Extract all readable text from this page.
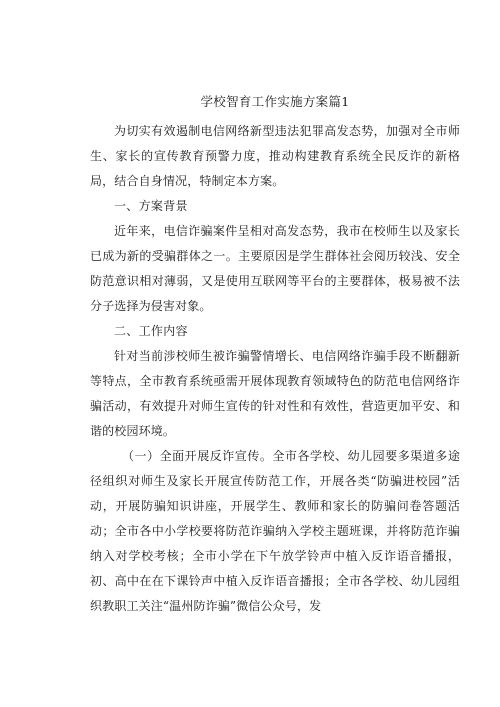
学校智育工作实施方案篇1

为切实有效遏制电信网络新型违法犯罪高发态势，加强对全市师生、家长的宣传教育预警力度，推动构建教育系统全民反诈的新格局，结合自身情况，特制定本方案。

一、方案背景

近年来，电信诈骗案件呈相对高发态势，我市在校师生以及家长已成为新的受骗群体之一。主要原因是学生群体社会阅历较浅、安全防范意识相对薄弱，又是使用互联网等平台的主要群体，极易被不法分子选择为侵害对象。

二、工作内容

针对当前涉校师生被诈骗警情增长、电信网络诈骗手段不断翻新等特点，全市教育系统亟需开展体现教育领域特色的防范电信网络诈骗活动，有效提升对师生宣传的针对性和有效性，营造更加平安、和谐的校园环境。

（一）全面开展反诈宣传。全市各学校、幼儿园要多渠道多途径组织对师生及家长开展宣传防范工作，开展各类“防骗进校园”活动，开展防骗知识讲座，开展学生、教师和家长的防骗问卷答题活动；全市各中小学校要将防范诈骗纳入学校主题班课，并将防范诈骗纳入对学校考核；全市小学在下午放学铃声中植入反诈语音播报，初、高中在在下课铃声中植入反诈语音播报；全市各学校、幼儿园组织教职工关注“温州防诈骗”微信公众号，发
